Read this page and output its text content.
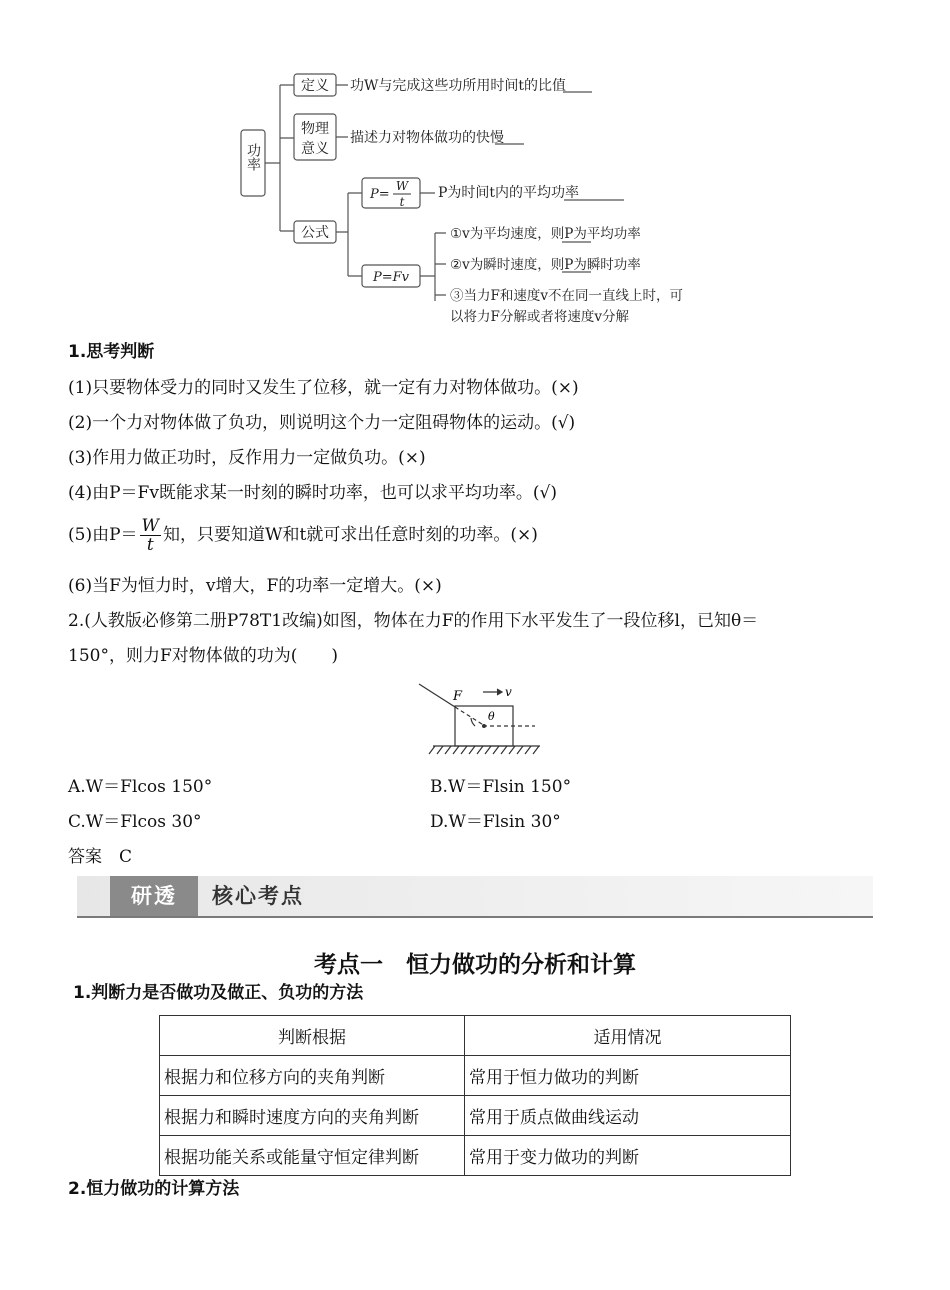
功率
定义 功W与完成这些功所用时间t的比值
物理
意义
描述力对物体做功的快慢
公式
P=
W
t
P为时间t内的平均功率
P=Fv
①v为平均速度，则P为平均功率
②v为瞬时速度，则P为瞬时功率
③当力F和速度v不在同一直线上时，可
以将力F分解或者将速度v分解
1.思考判断
(1)只要物体受力的同时又发生了位移，就一定有力对物体做功。(×)
(2)一个力对物体做了负功，则说明这个力一定阻碍物体的运动。(√)
(3)作用力做正功时，反作用力一定做负功。(×)
(4)由P＝Fv既能求某一时刻的瞬时功率，也可以求平均功率。(√)
(5)由$P= \frac{W}{t}$ 知，只要知道W和t就可求出任意时刻的功率。(×)
(6)当F为恒力时，v增大，F的功率一定增大。(×)
2.(人教版必修第二册P78T1改编)如图，物体在力F的作用下水平发生了一段位移l，已知θ＝
150°，则力F对物体做的功为(　　)
F	v
θ
A.W＝Flcos 150°	B.W＝Flsin 150°
C.W＝Flcos 30°	D.W＝Flsin 30°
答案　C
研透	核心考点
考点一　恒力做功的分析和计算
1.判断力是否做功及做正、负功的方法
判断根据	适用情况
根据力和位移方向的夹角判断	常用于恒力做功的判断
根据力和瞬时速度方向的夹角判断	常用于质点做曲线运动
根据功能关系或能量守恒定律判断	常用于变力做功的判断
2.恒力做功的计算方法
